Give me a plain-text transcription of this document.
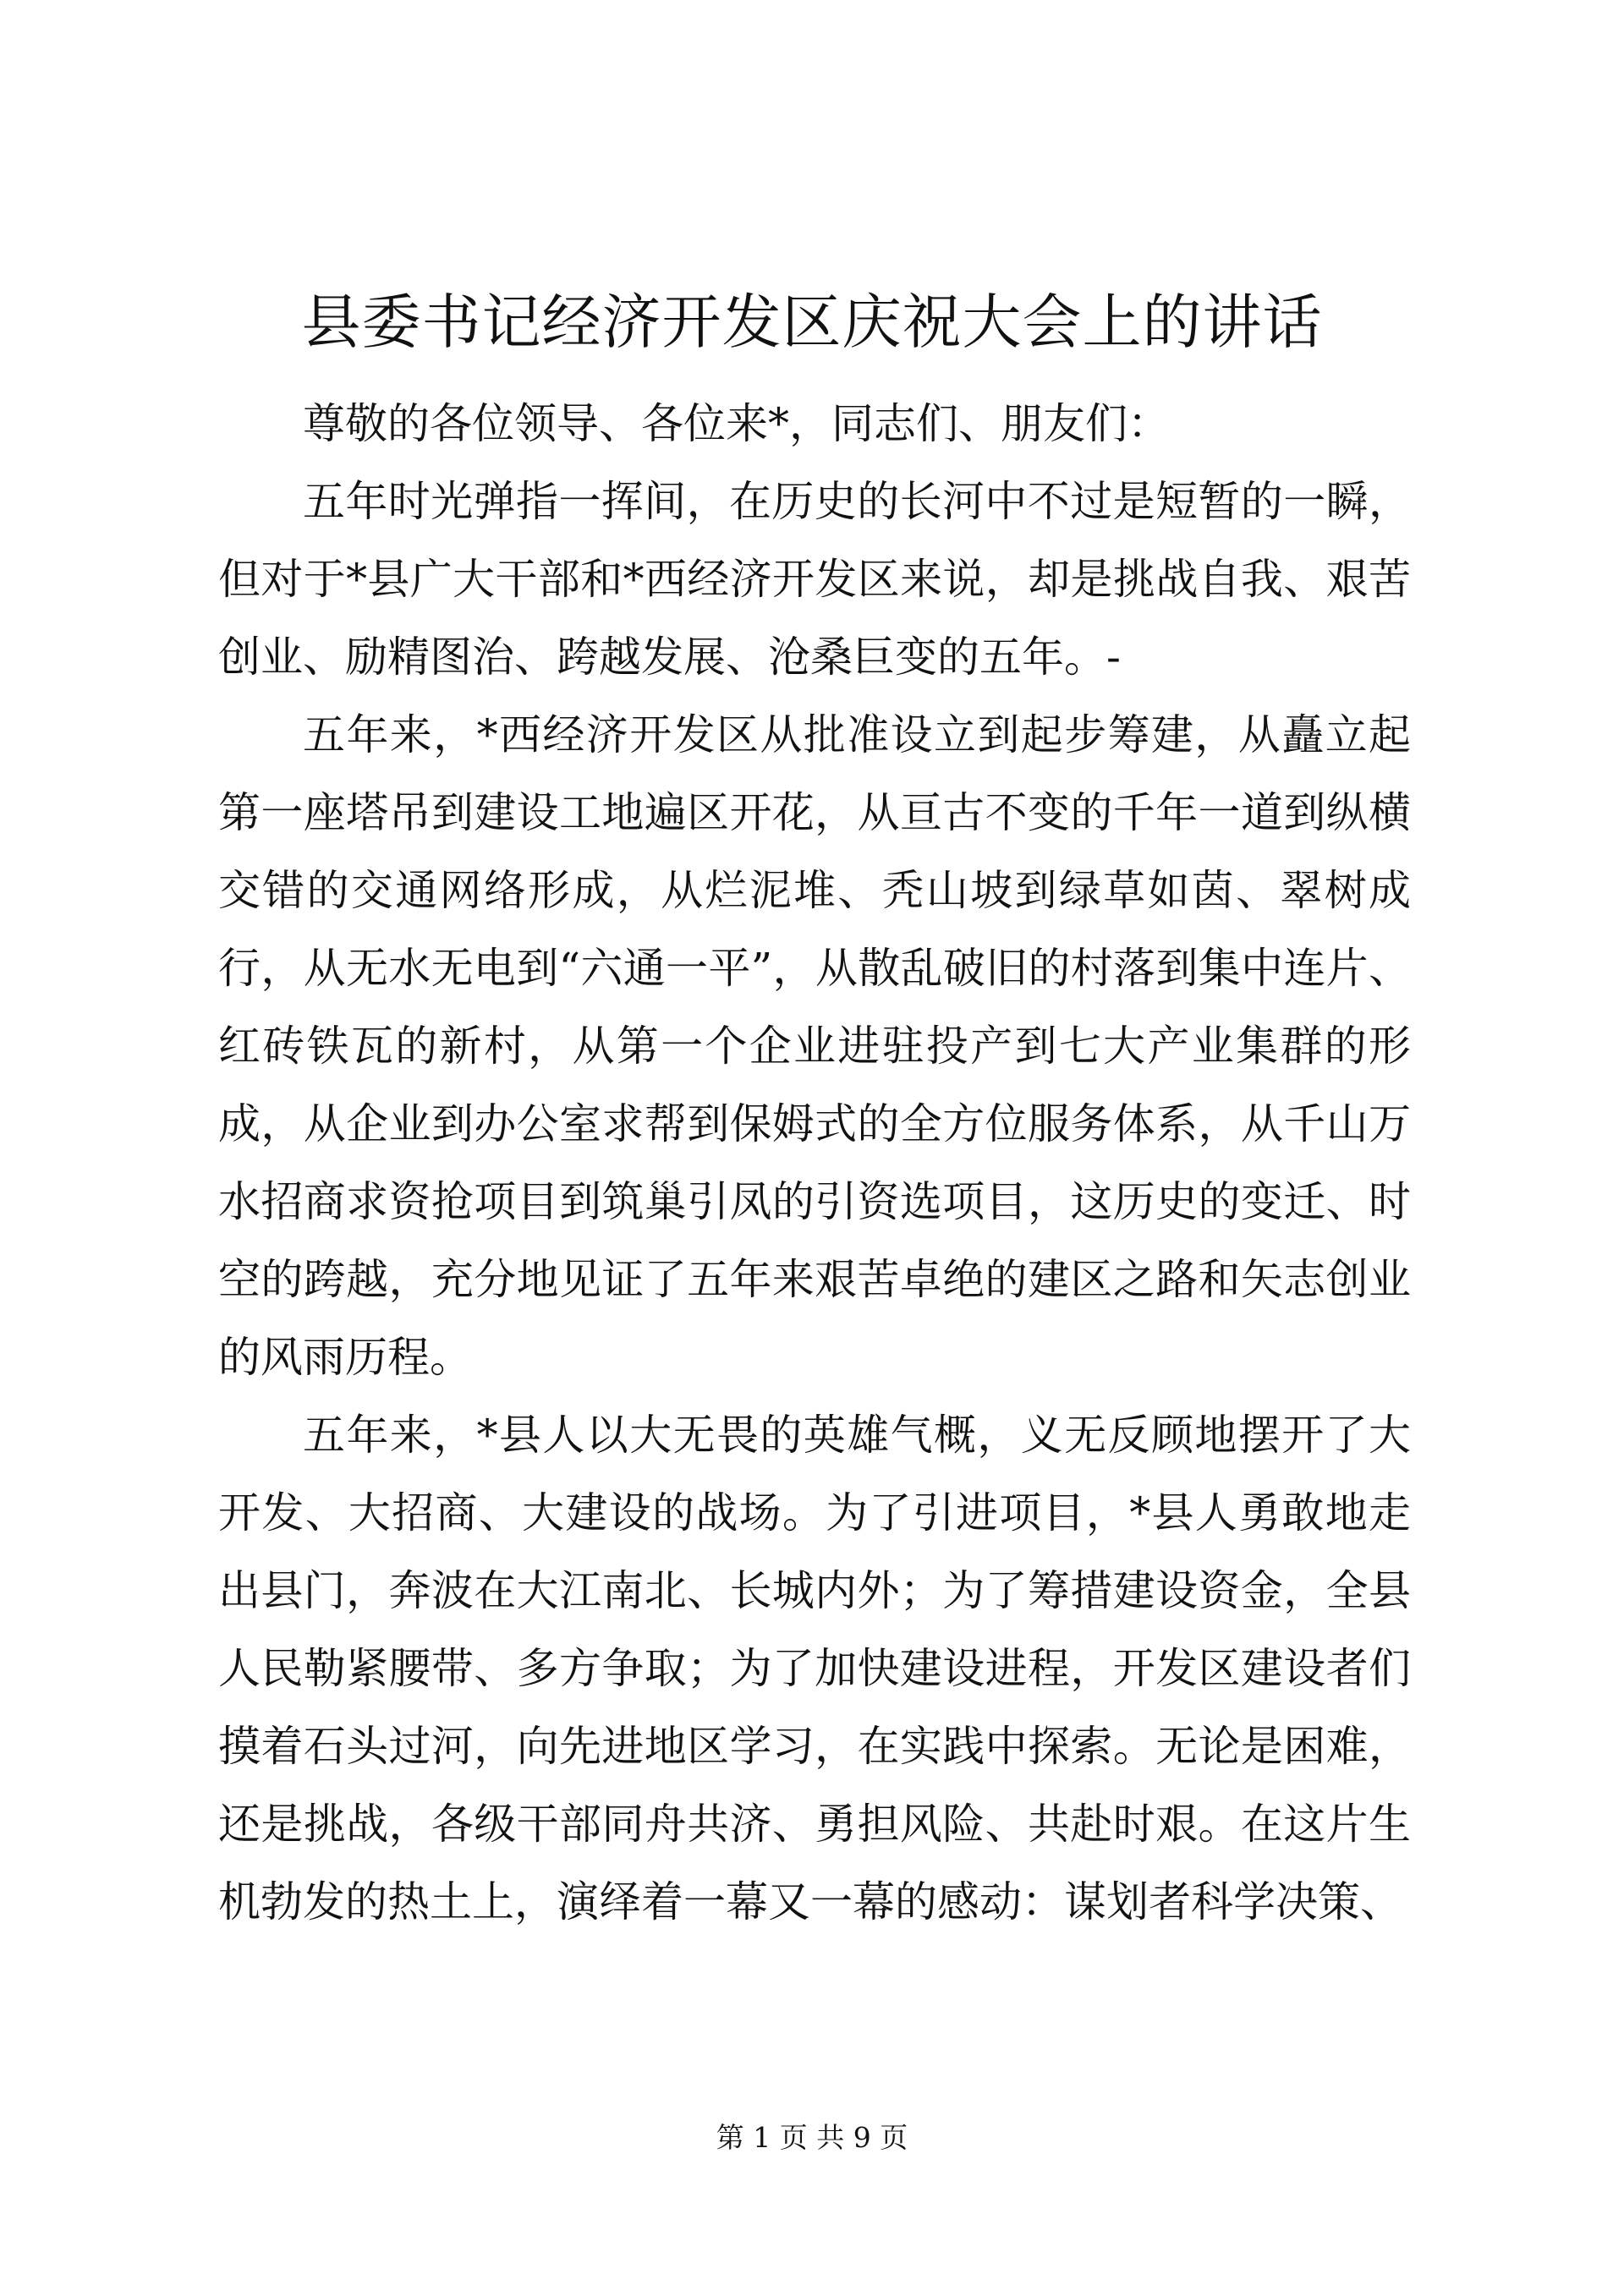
县委书记经济开发区庆祝大会上的讲话

尊敬的各位领导、各位来*，同志们、朋友们：

五年时光弹指一挥间，在历史的长河中不过是短暂的一瞬，但对于*县广大干部和*西经济开发区来说，却是挑战自我、艰苦创业、励精图治、跨越发展、沧桑巨变的五年。-

五年来，*西经济开发区从批准设立到起步筹建，从矗立起第一座塔吊到建设工地遍区开花，从亘古不变的千年一道到纵横交错的交通网络形成，从烂泥堆、秃山坡到绿草如茵、翠树成行，从无水无电到“六通一平”，从散乱破旧的村落到集中连片、红砖铁瓦的新村，从第一个企业进驻投产到七大产业集群的形成，从企业到办公室求帮到保姆式的全方位服务体系，从千山万水招商求资抢项目到筑巢引凤的引资选项目，这历史的变迁、时空的跨越，充分地见证了五年来艰苦卓绝的建区之路和矢志创业的风雨历程。

五年来，*县人以大无畏的英雄气概，义无反顾地摆开了大开发、大招商、大建设的战场。为了引进项目，*县人勇敢地走出县门，奔波在大江南北、长城内外；为了筹措建设资金，全县人民勒紧腰带、多方争取；为了加快建设进程，开发区建设者们摸着石头过河，向先进地区学习，在实践中探索。无论是困难，还是挑战，各级干部同舟共济、勇担风险、共赴时艰。在这片生机勃发的热土上，演绎着一幕又一幕的感动：谋划者科学决策、

第 1 页 共 9 页
